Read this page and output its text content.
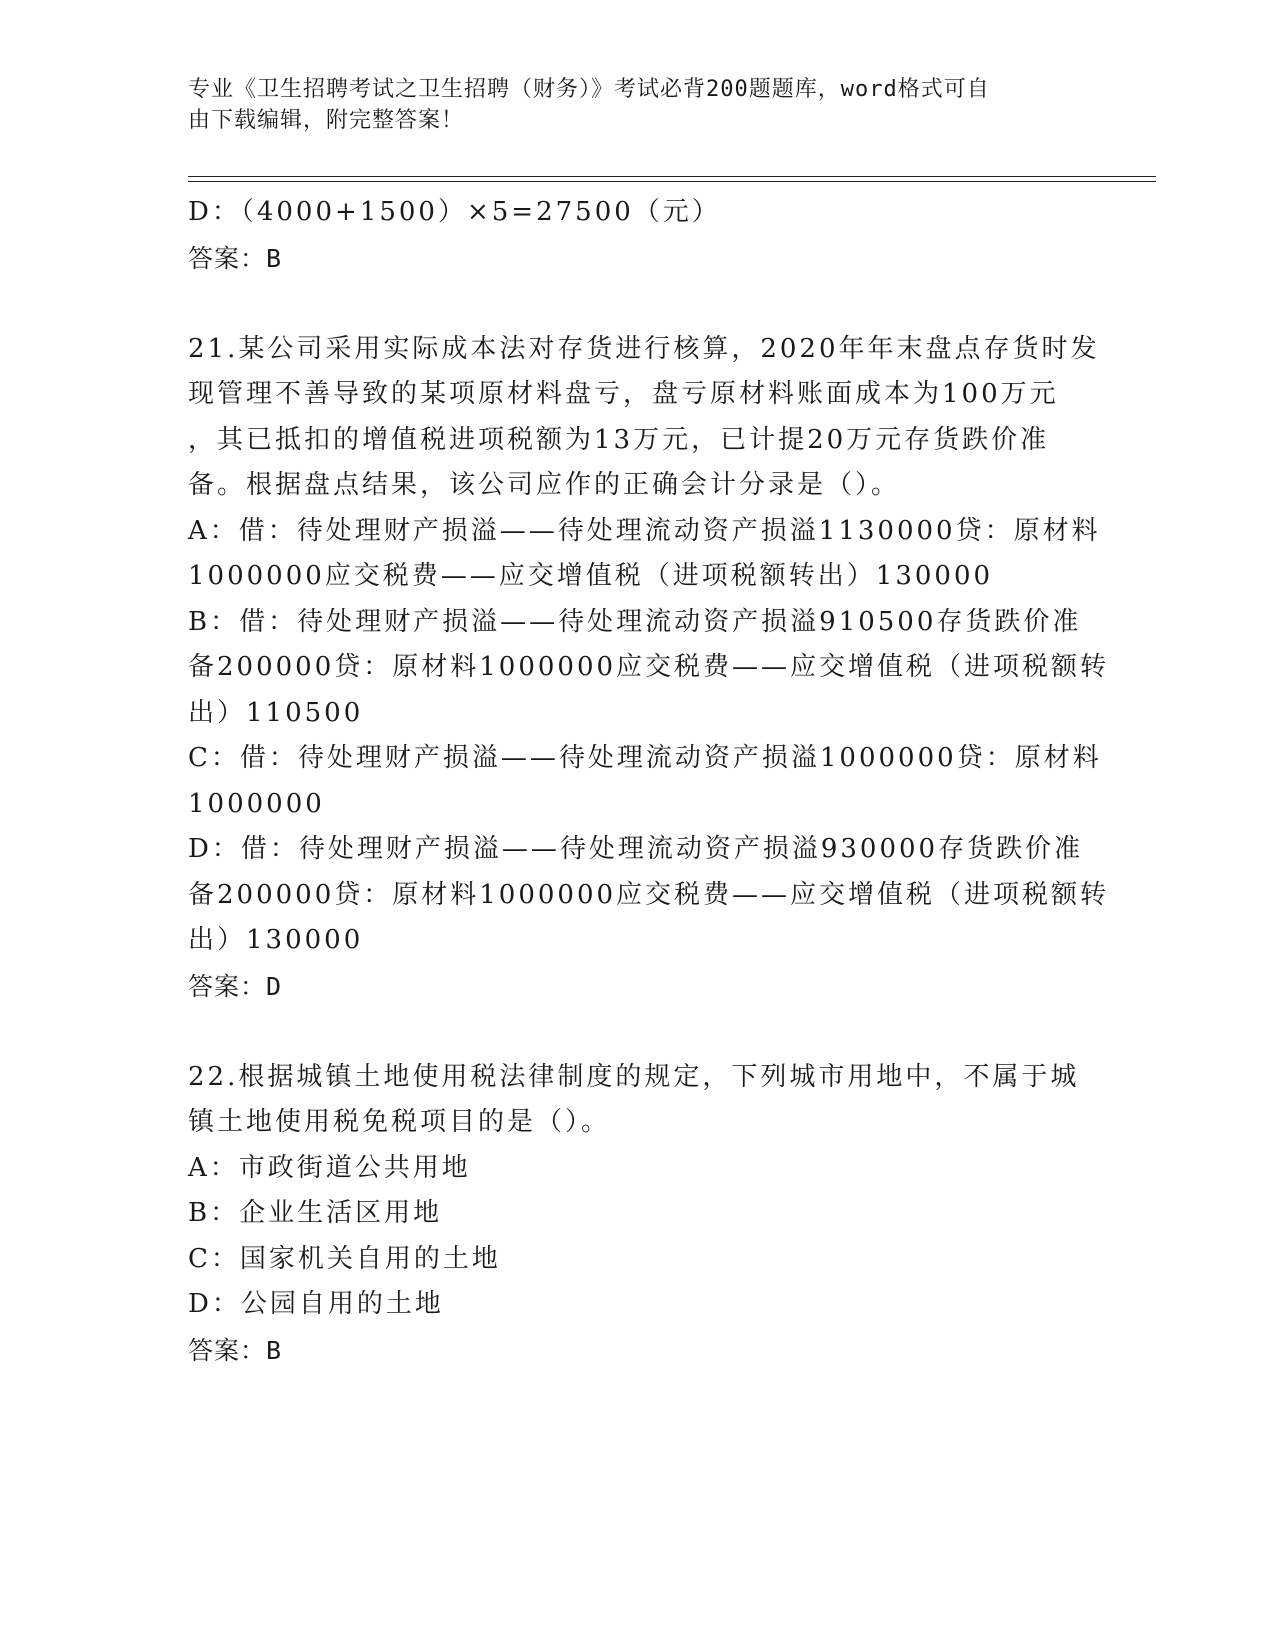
专业《卫生招聘考试之卫生招聘（财务）》考试必背200题题库，word格式可自
由下载编辑，附完整答案！
D：（4000+1500）×5=27500（元）
答案：B
21.某公司采用实际成本法对存货进行核算，2020年年末盘点存货时发
现管理不善导致的某项原材料盘亏，盘亏原材料账面成本为100万元
，其已抵扣的增值税进项税额为13万元，已计提20万元存货跌价准
备。根据盘点结果，该公司应作的正确会计分录是（）。
A：借：待处理财产损溢——待处理流动资产损溢1130000贷：原材料
1000000应交税费——应交增值税（进项税额转出）130000
B：借：待处理财产损溢——待处理流动资产损溢910500存货跌价准
备200000贷：原材料1000000应交税费——应交增值税（进项税额转
出）110500
C：借：待处理财产损溢——待处理流动资产损溢1000000贷：原材料
1000000
D：借：待处理财产损溢——待处理流动资产损溢930000存货跌价准
备200000贷：原材料1000000应交税费——应交增值税（进项税额转
出）130000
答案：D
22.根据城镇土地使用税法律制度的规定，下列城市用地中，不属于城
镇土地使用税免税项目的是（）。
A：市政街道公共用地
B：企业生活区用地
C：国家机关自用的土地
D：公园自用的土地
答案：B
